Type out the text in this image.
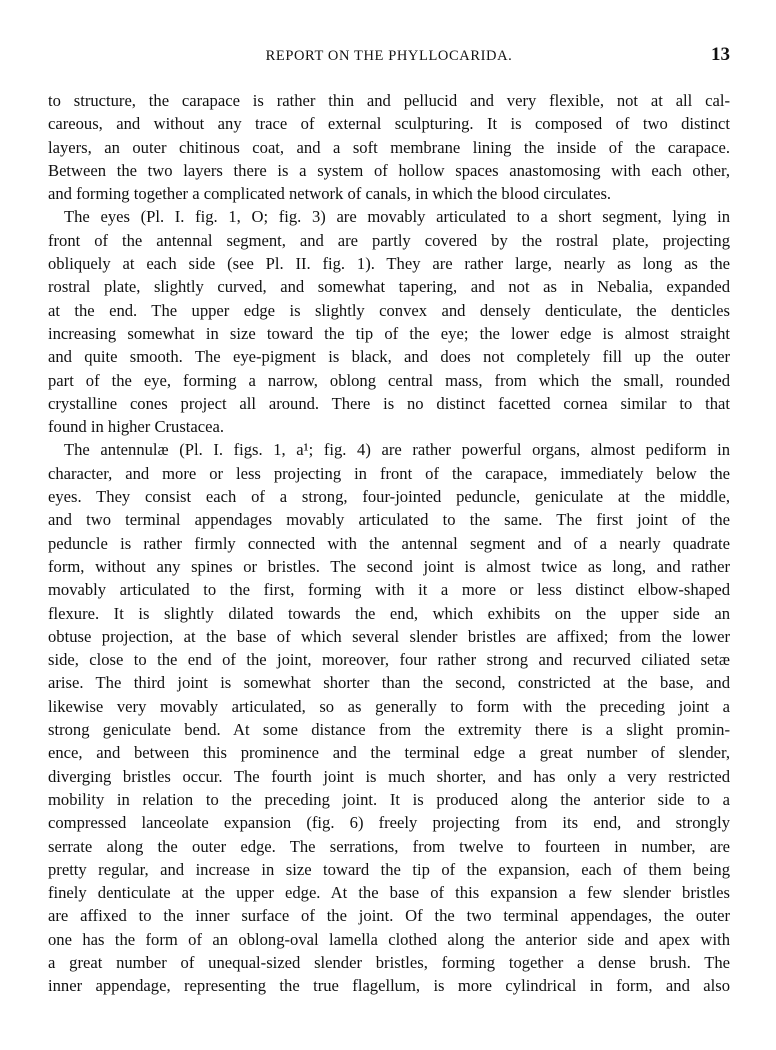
REPORT ON THE PHYLLOCARIDA.	13
to structure, the carapace is rather thin and pellucid and very flexible, not at all cal-
careous, and without any trace of external sculpturing. It is composed of two distinct
layers, an outer chitinous coat, and a soft membrane lining the inside of the carapace.
Between the two layers there is a system of hollow spaces anastomosing with each other,
and forming together a complicated network of canals, in which the blood circulates.
The eyes (Pl. I. fig. 1, O; fig. 3) are movably articulated to a short segment, lying in
front of the antennal segment, and are partly covered by the rostral plate, projecting
obliquely at each side (see Pl. II. fig. 1). They are rather large, nearly as long as the
rostral plate, slightly curved, and somewhat tapering, and not as in Nebalia, expanded
at the end. The upper edge is slightly convex and densely denticulate, the denticles
increasing somewhat in size toward the tip of the eye; the lower edge is almost straight
and quite smooth. The eye-pigment is black, and does not completely fill up the outer
part of the eye, forming a narrow, oblong central mass, from which the small, rounded
crystalline cones project all around. There is no distinct facetted cornea similar to that
found in higher Crustacea.
The antennulæ (Pl. I. figs. 1, a¹; fig. 4) are rather powerful organs, almost pediform in
character, and more or less projecting in front of the carapace, immediately below the
eyes. They consist each of a strong, four-jointed peduncle, geniculate at the middle,
and two terminal appendages movably articulated to the same. The first joint of the
peduncle is rather firmly connected with the antennal segment and of a nearly quadrate
form, without any spines or bristles. The second joint is almost twice as long, and rather
movably articulated to the first, forming with it a more or less distinct elbow-shaped
flexure. It is slightly dilated towards the end, which exhibits on the upper side an
obtuse projection, at the base of which several slender bristles are affixed; from the lower
side, close to the end of the joint, moreover, four rather strong and recurved ciliated setæ
arise. The third joint is somewhat shorter than the second, constricted at the base, and
likewise very movably articulated, so as generally to form with the preceding joint a
strong geniculate bend. At some distance from the extremity there is a slight promin-
ence, and between this prominence and the terminal edge a great number of slender,
diverging bristles occur. The fourth joint is much shorter, and has only a very restricted
mobility in relation to the preceding joint. It is produced along the anterior side to a
compressed lanceolate expansion (fig. 6) freely projecting from its end, and strongly
serrate along the outer edge. The serrations, from twelve to fourteen in number, are
pretty regular, and increase in size toward the tip of the expansion, each of them being
finely denticulate at the upper edge. At the base of this expansion a few slender bristles
are affixed to the inner surface of the joint. Of the two terminal appendages, the outer
one has the form of an oblong-oval lamella clothed along the anterior side and apex with
a great number of unequal-sized slender bristles, forming together a dense brush. The
inner appendage, representing the true flagellum, is more cylindrical in form, and also
